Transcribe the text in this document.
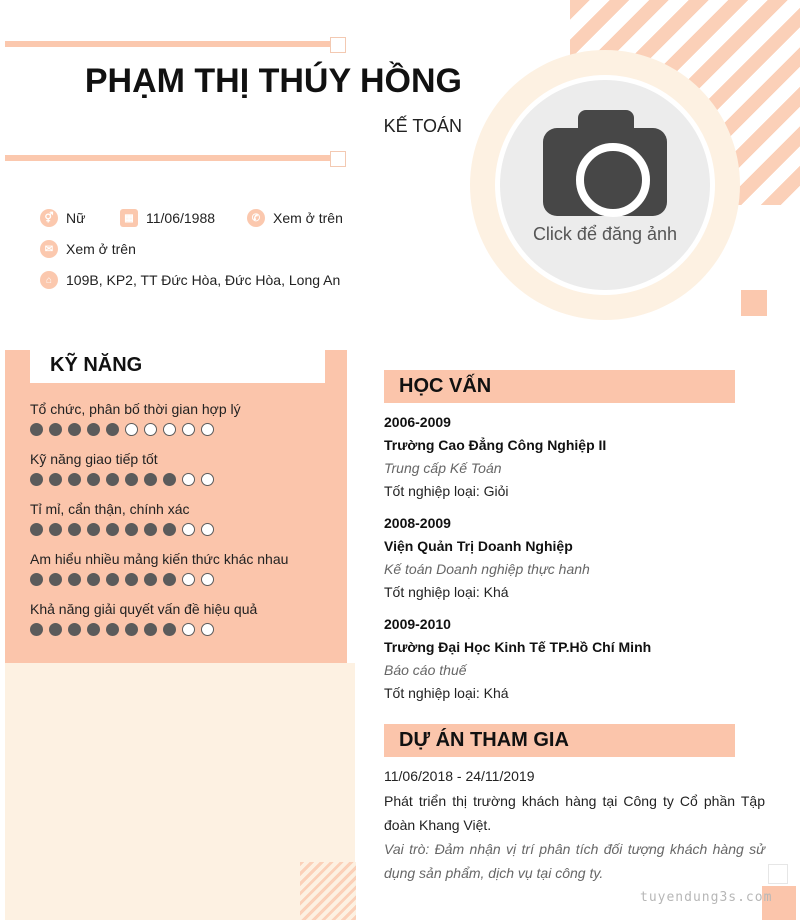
Click để đăng ảnh
PHẠM THỊ THÚY HỒNG
KẾ TOÁN
⚥ Nữ	▦ 11/06/1988	✆ Xem ở trên
✉ Xem ở trên
⌂ 109B, KP2, TT Đức Hòa, Đức Hòa, Long An
KỸ NĂNG
Tổ chức, phân bố thời gian hợp lý
Kỹ năng giao tiếp tốt
Tỉ mỉ, cẩn thận, chính xác
Am hiểu nhiều mảng kiến thức khác nhau
Khả năng giải quyết vấn đề hiệu quả
HỌC VẤN
2006-2009
Trường Cao Đẳng Công Nghiệp II
Trung cấp Kế Toán
Tốt nghiệp loại: Giỏi
2008-2009
Viện Quản Trị Doanh Nghiệp
Kế toán Doanh nghiệp thực hanh
Tốt nghiệp loại: Khá
2009-2010
Trường Đại Học Kinh Tế TP.Hồ Chí Minh
Báo cáo thuế
Tốt nghiệp loại: Khá
DỰ ÁN THAM GIA
11/06/2018 - 24/11/2019
Phát triển thị trường khách hàng tại Công ty Cổ phần Tập đoàn Khang Việt.
Vai trò: Đảm nhận vị trí phân tích đối tượng khách hàng sử dụng sản phẩm, dịch vụ tại công ty.
tuyendung3s.com
